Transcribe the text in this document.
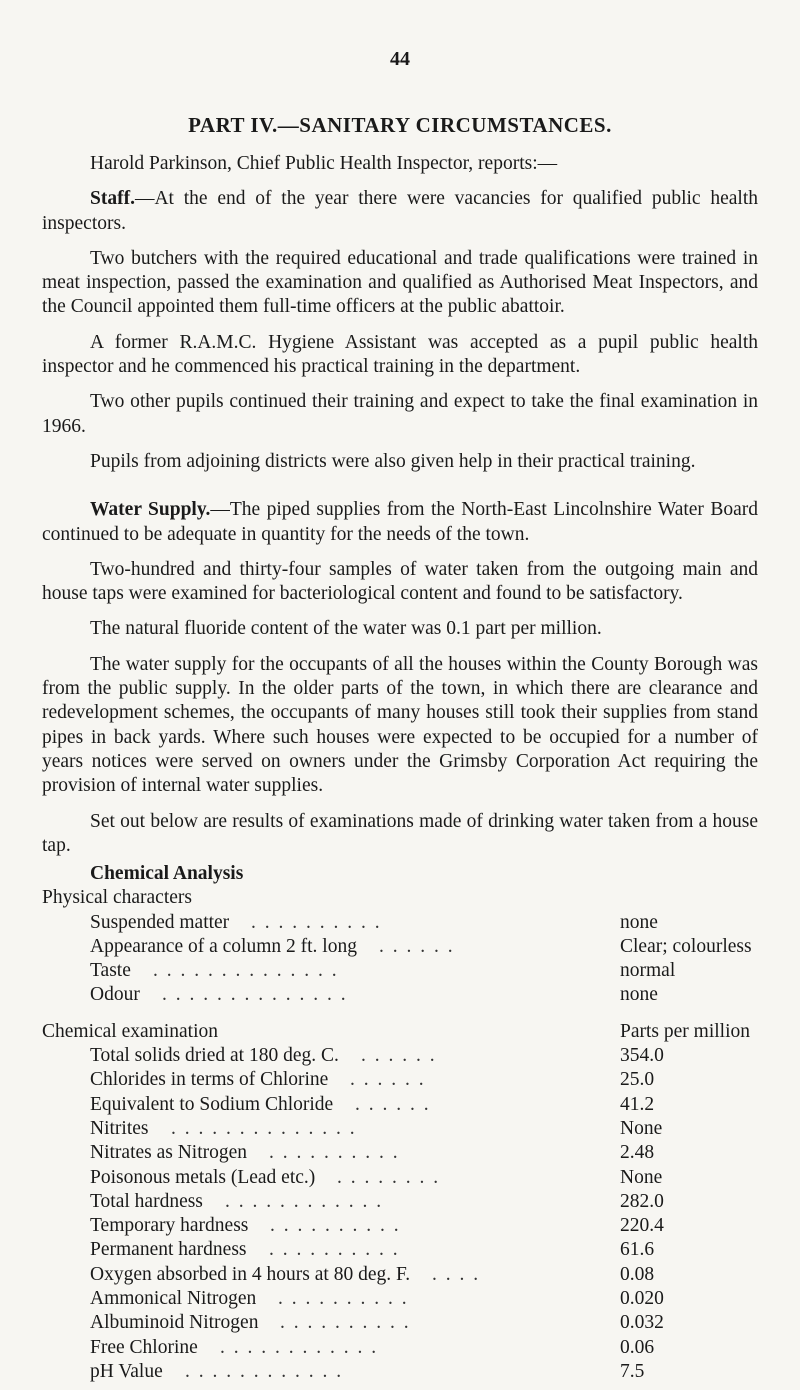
44
PART IV.—SANITARY CIRCUMSTANCES.

Harold Parkinson, Chief Public Health Inspector, reports:—

Staff.—At the end of the year there were vacancies for qualified public health inspectors.

Two butchers with the required educational and trade qualifications were trained in meat inspection, passed the examination and qualified as Authorised Meat Inspectors, and the Council appointed them full-time officers at the public abattoir.

A former R.A.M.C. Hygiene Assistant was accepted as a pupil public health inspector and he commenced his practical training in the department.

Two other pupils continued their training and expect to take the final examination in 1966.

Pupils from adjoining districts were also given help in their practical training.

Water Supply.—The piped supplies from the North-East Lincolnshire Water Board continued to be adequate in quantity for the needs of the town.

Two-hundred and thirty-four samples of water taken from the outgoing main and house taps were examined for bacteriological content and found to be satisfactory.

The natural fluoride content of the water was 0.1 part per million.

The water supply for the occupants of all the houses within the County Borough was from the public supply. In the older parts of the town, in which there are clearance and redevelopment schemes, the occupants of many houses still took their supplies from stand pipes in back yards. Where such houses were expected to be occupied for a number of years notices were served on owners under the Grimsby Corporation Act requiring the provision of internal water supplies.

Set out below are results of examinations made of drinking water taken from a house tap.

Chemical Analysis
Physical characters
Suspended matter . . . . . . . . . .	none
Appearance of a column 2 ft. long . . . . . .	Clear; colourless
Taste . . . . . . . . . . . . . .	normal
Odour . . . . . . . . . . . . . .	none
Chemical examination	Parts per million
Total solids dried at 180 deg. C. . . . . . .	354.0
Chlorides in terms of Chlorine . . . . . .	25.0
Equivalent to Sodium Chloride . . . . . .	41.2
Nitrites . . . . . . . . . . . . . .	None
Nitrates as Nitrogen . . . . . . . . . .	2.48
Poisonous metals (Lead etc.) . . . . . . . .	None
Total hardness . . . . . . . . . . . .	282.0
Temporary hardness . . . . . . . . . .	220.4
Permanent hardness . . . . . . . . . .	61.6
Oxygen absorbed in 4 hours at 80 deg. F. . . . .	0.08
Ammonical Nitrogen . . . . . . . . . .	0.020
Albuminoid Nitrogen . . . . . . . . . .	0.032
Free Chlorine . . . . . . . . . . . .	0.06
pH Value . . . . . . . . . . . .	7.5
